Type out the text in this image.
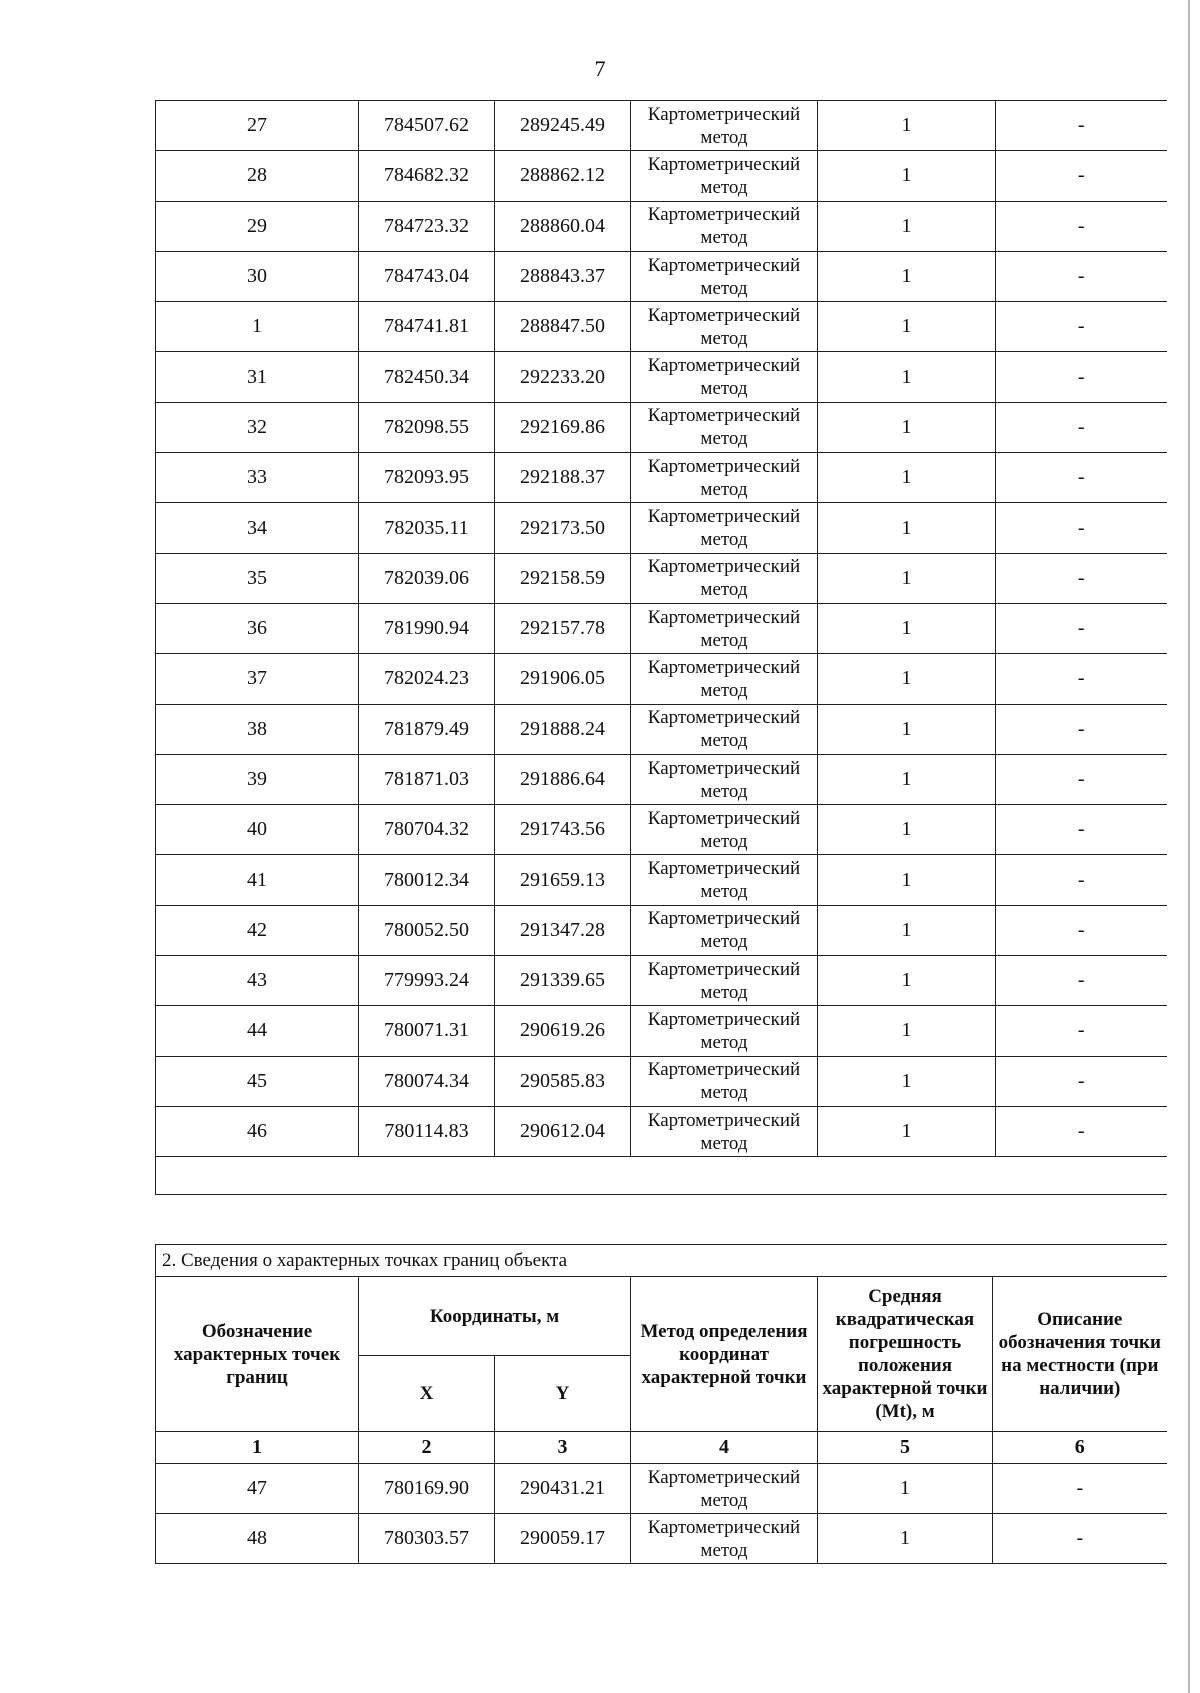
7
27	784507.62	289245.49	Картометрический метод	1	-
28	784682.32	288862.12	Картометрический метод	1	-
29	784723.32	288860.04	Картометрический метод	1	-
30	784743.04	288843.37	Картометрический метод	1	-
1	784741.81	288847.50	Картометрический метод	1	-
31	782450.34	292233.20	Картометрический метод	1	-
32	782098.55	292169.86	Картометрический метод	1	-
33	782093.95	292188.37	Картометрический метод	1	-
34	782035.11	292173.50	Картометрический метод	1	-
35	782039.06	292158.59	Картометрический метод	1	-
36	781990.94	292157.78	Картометрический метод	1	-
37	782024.23	291906.05	Картометрический метод	1	-
38	781879.49	291888.24	Картометрический метод	1	-
39	781871.03	291886.64	Картометрический метод	1	-
40	780704.32	291743.56	Картометрический метод	1	-
41	780012.34	291659.13	Картометрический метод	1	-
42	780052.50	291347.28	Картометрический метод	1	-
43	779993.24	291339.65	Картометрический метод	1	-
44	780071.31	290619.26	Картометрический метод	1	-
45	780074.34	290585.83	Картометрический метод	1	-
46	780114.83	290612.04	Картометрический метод	1	-

2. Сведения о характерных точках границ объекта					
Обозначение характерных точек границ	Координаты, м		Метод определения координат характерной точки	Средняя квадратическая погрешность положения характерной точки (Mt), м	Описание обозначения точки на местности (при наличии)
	X	Y			
1	2	3	4	5	6
47	780169.90	290431.21	Картометрический метод	1	-
48	780303.57	290059.17	Картометрический метод	1	-
